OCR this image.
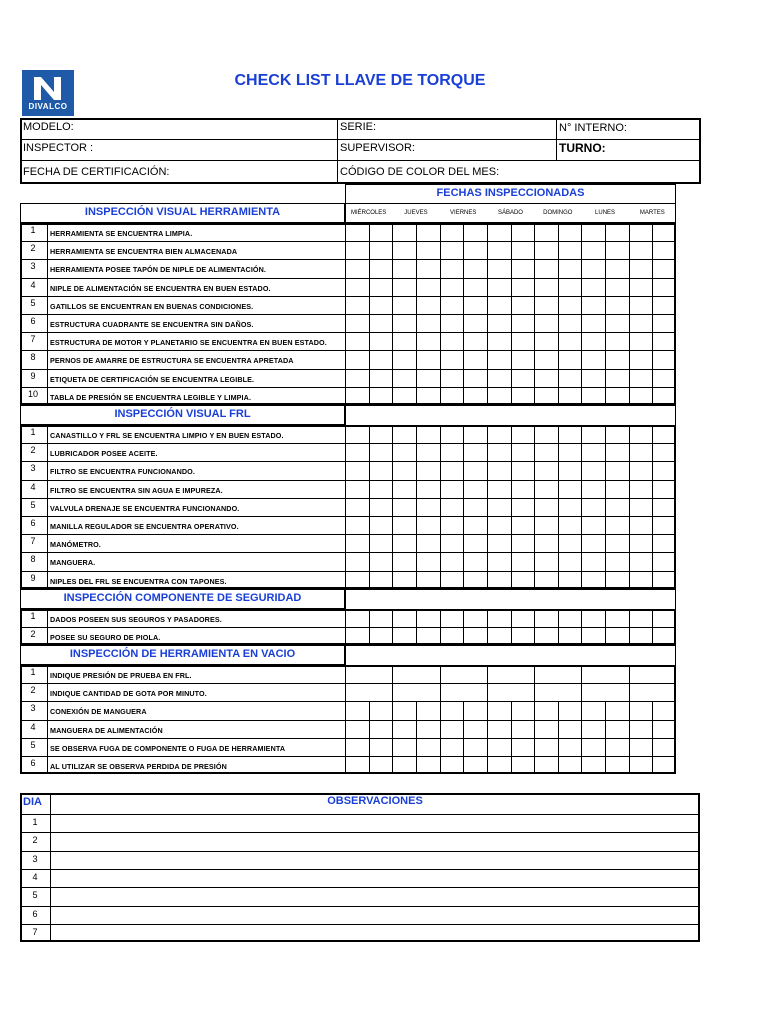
DIVALCO
CHECK LIST LLAVE DE TORQUE
MODELO:	SERIE:	N° INTERNO:
INSPECTOR :	SUPERVISOR:	TURNO:
FECHA DE CERTIFICACIÓN:	CÓDIGO DE COLOR DEL MES:
FECHAS INSPECCIONADAS
INSPECCIÓN VISUAL HERRAMIENTA	MIÉRCOLES	JUEVES	VIERNES	SÁBADO	DOMINGO	LUNES	MARTES
1	HERRAMIENTA SE ENCUENTRA LIMPIA.
2	HERRAMIENTA SE ENCUENTRA BIEN ALMACENADA
3	HERRAMIENTA POSEE TAPÓN DE NIPLE DE ALIMENTACIÓN.
4	NIPLE DE ALIMENTACIÓN SE ENCUENTRA EN BUEN ESTADO.
5	GATILLOS SE ENCUENTRAN EN BUENAS CONDICIONES.
6	ESTRUCTURA CUADRANTE SE ENCUENTRA SIN DAÑOS.
7	ESTRUCTURA DE MOTOR Y PLANETARIO SE ENCUENTRA EN BUEN ESTADO.
8	PERNOS DE AMARRE DE ESTRUCTURA SE ENCUENTRA APRETADA
9	ETIQUETA DE CERTIFICACIÓN SE ENCUENTRA LEGIBLE.
10	TABLA DE PRESIÓN SE ENCUENTRA LEGIBLE Y LIMPIA.
INSPECCIÓN VISUAL FRL
1	CANASTILLO Y FRL SE ENCUENTRA LIMPIO Y EN BUEN ESTADO.
2	LUBRICADOR POSEE ACEITE.
3	FILTRO SE ENCUENTRA FUNCIONANDO.
4	FILTRO SE ENCUENTRA SIN AGUA E IMPUREZA.
5	VALVULA DRENAJE SE ENCUENTRA FUNCIONANDO.
6	MANILLA REGULADOR SE ENCUENTRA OPERATIVO.
7	MANÓMETRO.
8	MANGUERA.
9	NIPLES DEL FRL SE ENCUENTRA CON TAPONES.
INSPECCIÓN COMPONENTE DE SEGURIDAD
1	DADOS POSEEN SUS SEGUROS Y PASADORES.
2	POSEE SU SEGURO DE PIOLA.
INSPECCIÓN DE HERRAMIENTA EN VACIO
1	INDIQUE PRESIÓN DE PRUEBA EN FRL.
2	INDIQUE CANTIDAD DE GOTA POR MINUTO.
3	CONEXIÓN DE MANGUERA
4	MANGUERA DE ALIMENTACIÓN
5	SE OBSERVA FUGA DE COMPONENTE O FUGA DE HERRAMIENTA
6	AL UTILIZAR SE OBSERVA PERDIDA DE PRESIÓN
DIA	OBSERVACIONES
1
2
3
4
5
6
7
